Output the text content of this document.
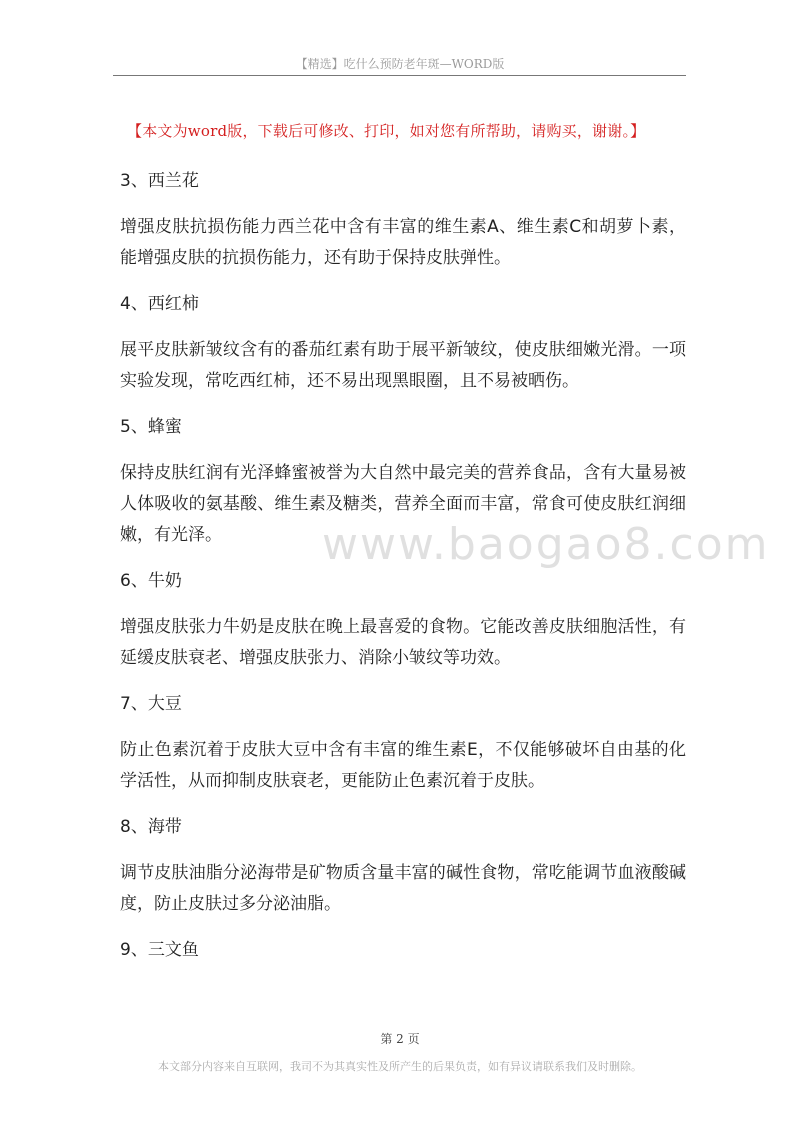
【精选】吃什么预防老年斑—WORD版
【本文为word版，下载后可修改、打印，如对您有所帮助，请购买，谢谢。】

3、西兰花

增强皮肤抗损伤能力西兰花中含有丰富的维生素A、维生素C和胡萝卜素，能增强皮肤的抗损伤能力，还有助于保持皮肤弹性。

4、西红柿

展平皮肤新皱纹含有的番茄红素有助于展平新皱纹，使皮肤细嫩光滑。一项实验发现，常吃西红柿，还不易出现黑眼圈，且不易被晒伤。

5、蜂蜜

保持皮肤红润有光泽蜂蜜被誉为大自然中最完美的营养食品，含有大量易被人体吸收的氨基酸、维生素及糖类，营养全面而丰富，常食可使皮肤红润细嫩，有光泽。

6、牛奶

增强皮肤张力牛奶是皮肤在晚上最喜爱的食物。它能改善皮肤细胞活性，有延缓皮肤衰老、增强皮肤张力、消除小皱纹等功效。

7、大豆

防止色素沉着于皮肤大豆中含有丰富的维生素E，不仅能够破坏自由基的化学活性，从而抑制皮肤衰老，更能防止色素沉着于皮肤。

8、海带

调节皮肤油脂分泌海带是矿物质含量丰富的碱性食物，常吃能调节血液酸碱度，防止皮肤过多分泌油脂。

9、三文鱼

www.baogao8.com
第 2 页
本文部分内容来自互联网，我司不为其真实性及所产生的后果负责，如有异议请联系我们及时删除。
